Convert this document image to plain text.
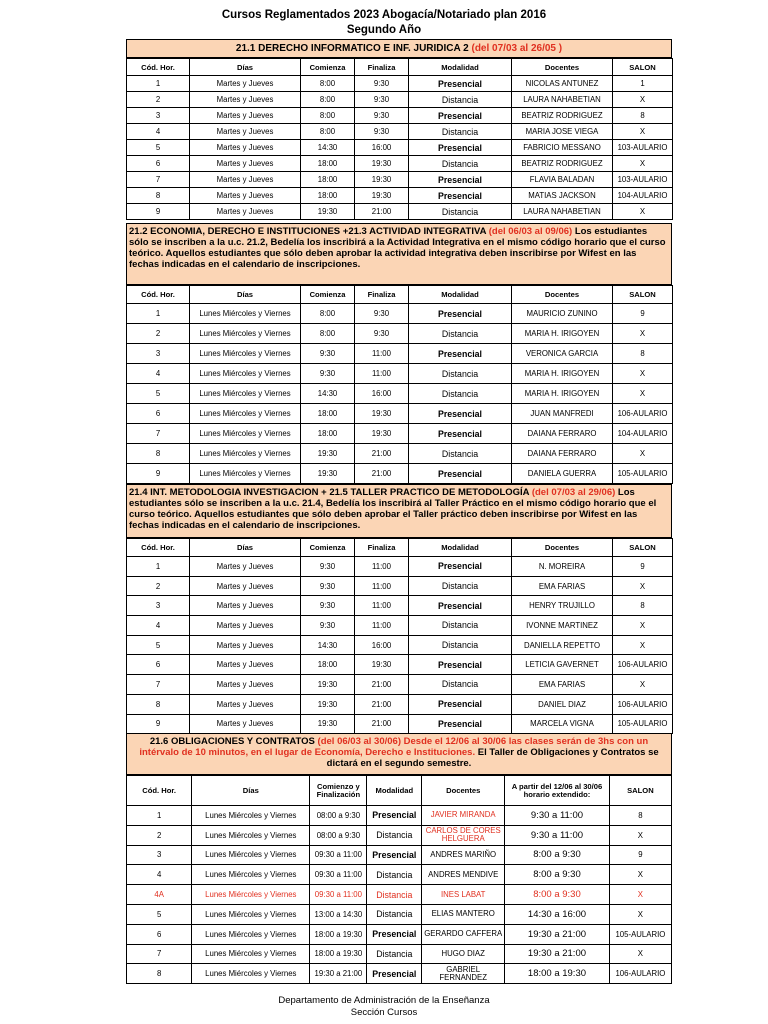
Cursos Reglamentados 2023 Abogacía/Notariado plan 2016
Segundo Año
21.1 DERECHO INFORMATICO E INF. JURIDICA 2 (del 07/03 al 26/05 )
Cód. Hor.	Días	Comienza	Finaliza	Modalidad	Docentes	SALON
1	Martes y Jueves	8:00	9:30	Presencial	NICOLAS ANTUNEZ	1
2	Martes y Jueves	8:00	9:30	Distancia	LAURA NAHABETIAN	X
3	Martes y Jueves	8:00	9:30	Presencial	BEATRIZ RODRIGUEZ	8
4	Martes y Jueves	8:00	9:30	Distancia	MARIA JOSE VIEGA	X
5	Martes y Jueves	14:30	16:00	Presencial	FABRICIO MESSANO	103-AULARIO
6	Martes y Jueves	18:00	19:30	Distancia	BEATRIZ RODRIGUEZ	X
7	Martes y Jueves	18:00	19:30	Presencial	FLAVIA BALADAN	103-AULARIO
8	Martes y Jueves	18:00	19:30	Presencial	MATIAS JACKSON	104-AULARIO
9	Martes y Jueves	19:30	21:00	Distancia	LAURA NAHABETIAN	X
21.2 ECONOMIA, DERECHO E INSTITUCIONES +21.3 ACTIVIDAD INTEGRATIVA (del 06/03 al 09/06) Los estudiantes sólo se inscriben a la u.c. 21.2, Bedelía los inscribirá a la Actividad Integrativa en el mismo código horario que el curso teórico. Aquellos estudiantes que sólo deben aprobar la actividad integrativa deben inscribirse por Wifest en las fechas indicadas en el calendario de inscripciones.
Cód. Hor.	Días	Comienza	Finaliza	Modalidad	Docentes	SALON
1	Lunes Miércoles y Viernes	8:00	9:30	Presencial	MAURICIO ZUNINO	9
2	Lunes Miércoles y Viernes	8:00	9:30	Distancia	MARIA H. IRIGOYEN	X
3	Lunes Miércoles y Viernes	9:30	11:00	Presencial	VERONICA GARCIA	8
4	Lunes Miércoles y Viernes	9:30	11:00	Distancia	MARIA H. IRIGOYEN	X
5	Lunes Miércoles y Viernes	14:30	16:00	Distancia	MARIA H. IRIGOYEN	X
6	Lunes Miércoles y Viernes	18:00	19:30	Presencial	JUAN MANFREDI	106-AULARIO
7	Lunes Miércoles y Viernes	18:00	19:30	Presencial	DAIANA FERRARO	104-AULARIO
8	Lunes Miércoles y Viernes	19:30	21:00	Distancia	DAIANA FERRARO	X
9	Lunes Miércoles y Viernes	19:30	21:00	Presencial	DANIELA GUERRA	105-AULARIO
21.4 INT. METODOLOGIA INVESTIGACION + 21.5 TALLER PRACTICO DE METODOLOGÍA (del 07/03 al 29/06) Los estudiantes sólo se inscriben a la u.c. 21.4, Bedelía los inscribirá al Taller Práctico en el mismo código horario que el curso teórico. Aquellos estudiantes que sólo deben aprobar el Taller práctico deben inscribirse por Wifest en las fechas indicadas en el calendario de inscripciones.
Cód. Hor.	Días	Comienza	Finaliza	Modalidad	Docentes	SALON
1	Martes y Jueves	9:30	11:00	Presencial	N. MOREIRA	9
2	Martes y Jueves	9:30	11:00	Distancia	EMA FARIAS	X
3	Martes y Jueves	9:30	11:00	Presencial	HENRY TRUJILLO	8
4	Martes y Jueves	9:30	11:00	Distancia	IVONNE MARTINEZ	X
5	Martes y Jueves	14:30	16:00	Distancia	DANIELLA REPETTO	X
6	Martes y Jueves	18:00	19:30	Presencial	LETICIA GAVERNET	106-AULARIO
7	Martes y Jueves	19:30	21:00	Distancia	EMA FARIAS	X
8	Martes y Jueves	19:30	21:00	Presencial	DANIEL DIAZ	106-AULARIO
9	Martes y Jueves	19:30	21:00	Presencial	MARCELA VIGNA	105-AULARIO
21.6 OBLIGACIONES Y CONTRATOS (del 06/03 al 30/06) Desde el 12/06 al 30/06 las clases serán de 3hs con un intérvalo de 10 minutos, en el lugar de Economía, Derecho e Instituciones. El Taller de Obligaciones y Contratos se dictará en el segundo semestre.
Cód. Hor.	Días	Comienzo y Finalización	Modalidad	Docentes	A partir del 12/06 al 30/06 horario extendido:	SALON
1	Lunes Miércoles y Viernes	08:00 a 9:30	Presencial	JAVIER MIRANDA	9:30 a 11:00	8
2	Lunes Miércoles y Viernes	08:00 a 9:30	Distancia	CARLOS DE CORES HELGUERA	9:30 a 11:00	X
3	Lunes Miércoles y Viernes	09:30 a 11:00	Presencial	ANDRES MARIÑO	8:00 a 9:30	9
4	Lunes Miércoles y Viernes	09:30 a 11:00	Distancia	ANDRES MENDIVE	8:00 a 9:30	X
4A	Lunes Miércoles y Viernes	09:30 a 11:00	Distancia	INES LABAT	8:00 a 9:30	X
5	Lunes Miércoles y Viernes	13:00 a 14:30	Distancia	ELIAS MANTERO	14:30 a 16:00	X
6	Lunes Miércoles y Viernes	18:00 a 19:30	Presencial	GERARDO CAFFERA	19:30 a 21:00	105-AULARIO
7	Lunes Miércoles y Viernes	18:00 a 19:30	Distancia	HUGO DIAZ	19:30 a 21:00	X
8	Lunes Miércoles y Viernes	19:30 a 21:00	Presencial	GABRIEL FERNANDEZ	18:00 a 19:30	106-AULARIO
Departamento de Administración de la Enseñanza
Sección Cursos
